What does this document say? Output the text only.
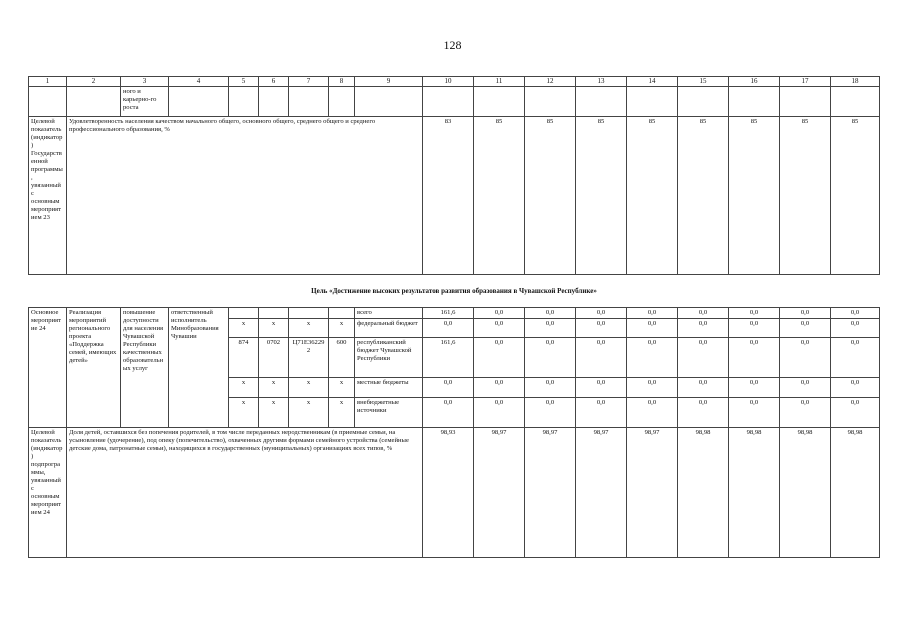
128
1	2	3	4	5	6	7	8	9	10	11	12	13	14	15	16	17	18
		ного и карьерно-го роста															
Целевой показатель (индикатор) Государственной программы, увязанный с основным мероприятием 23	Удовлетворенность населения качеством начального общего, основного общего, среднего общего и среднего профессионального образования, %								83	85	85	85	85	85	85	85	85
Цель «Достижение высоких результатов развития образования в Чувашской Республике»
Основное мероприятие 24	Реализация мероприятий регионального проекта «Поддержка семей, имеющих детей»	повышение доступности для населения Чувашской Республики качественных образовательных услуг	ответственный исполнитель Минобразования Чувашии					всего	161,6	0,0	0,0	0,0	0,0	0,0	0,0	0,0	0,0
				x	x	x	x	федеральный бюджет	0,0	0,0	0,0	0,0	0,0	0,0	0,0	0,0	0,0
				874	0702	Ц71Е362292	600	республиканский бюджет Чувашской Республики	161,6	0,0	0,0	0,0	0,0	0,0	0,0	0,0	0,0
				x	x	x	x	местные бюджеты	0,0	0,0	0,0	0,0	0,0	0,0	0,0	0,0	0,0
				x	x	x	x	внебюджетные источники	0,0	0,0	0,0	0,0	0,0	0,0	0,0	0,0	0,0
Целевой показатель (индикатор) подпрограммы, увязанный с основным мероприятием 24	Доля детей, оставшихся без попечения родителей, в том числе переданных неродственникам (в приемные семьи, на усыновление (удочерение), под опеку (попечительство), охваченных другими формами семейного устройства (семейные детские дома, патронатные семьи), находящихся в государственных (муниципальных) организациях всех типов, %								98,93	98,97	98,97	98,97	98,97	98,98	98,98	98,98	98,98
